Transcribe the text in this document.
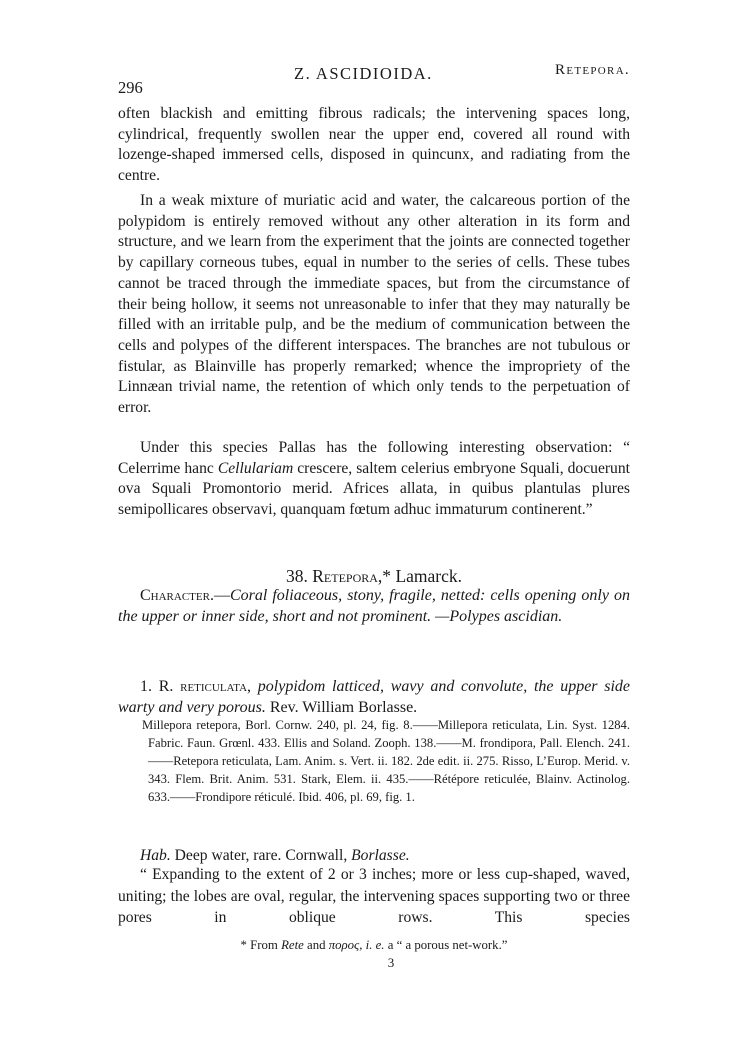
296
Z. ASCIDIOIDA.	Retepora.

often blackish and emitting fibrous radicals; the intervening spaces long, cylindrical, frequently swollen near the upper end, covered all round with lozenge-shaped immersed cells, disposed in quincunx, and radiating from the centre.

In a weak mixture of muriatic acid and water, the calcareous portion of the polypidom is entirely removed without any other alteration in its form and structure, and we learn from the experiment that the joints are connected together by capillary corneous tubes, equal in number to the series of cells. These tubes cannot be traced through the immediate spaces, but from the circumstance of their being hollow, it seems not unreasonable to infer that they may naturally be filled with an irritable pulp, and be the medium of communication between the cells and polypes of the different interspaces. The branches are not tubulous or fistular, as Blainville has properly remarked; whence the impropriety of the Linnæan trivial name, the retention of which only tends to the perpetuation of error.

Under this species Pallas has the following interesting observation: “ Celerrime hanc Cellulariam crescere, saltem celerius embryone Squali, docuerunt ova Squali Promontorio merid. Africes allata, in quibus plantulas plures semipollicares observavi, quanquam fœtum adhuc immaturum continerent.”

38. Retepora,* Lamarck.

Character.—Coral foliaceous, stony, fragile, netted: cells opening only on the upper or inner side, short and not prominent. —Polypes ascidian.

1. R. reticulata, polypidom latticed, wavy and convolute, the upper side warty and very porous. Rev. William Borlasse.

Millepora retepora, Borl. Cornw. 240, pl. 24, fig. 8.——Millepora reticulata, Lin. Syst. 1284. Fabric. Faun. Grœnl. 433. Ellis and Soland. Zooph. 138.——M. frondipora, Pall. Elench. 241.——Retepora reticulata, Lam. Anim. s. Vert. ii. 182. 2de edit. ii. 275. Risso, L’Europ. Merid. v. 343. Flem. Brit. Anim. 531. Stark, Elem. ii. 435.——Rétépore reticulée, Blainv. Actinolog. 633.——Frondipore réticulé. Ibid. 406, pl. 69, fig. 1.

Hab. Deep water, rare. Cornwall, Borlasse.

“ Expanding to the extent of 2 or 3 inches; more or less cup-shaped, waved, uniting; the lobes are oval, regular, the intervening spaces supporting two or three pores in oblique rows. This species

* From Rete and πορος, i. e. a “ a porous net-work.”
3
